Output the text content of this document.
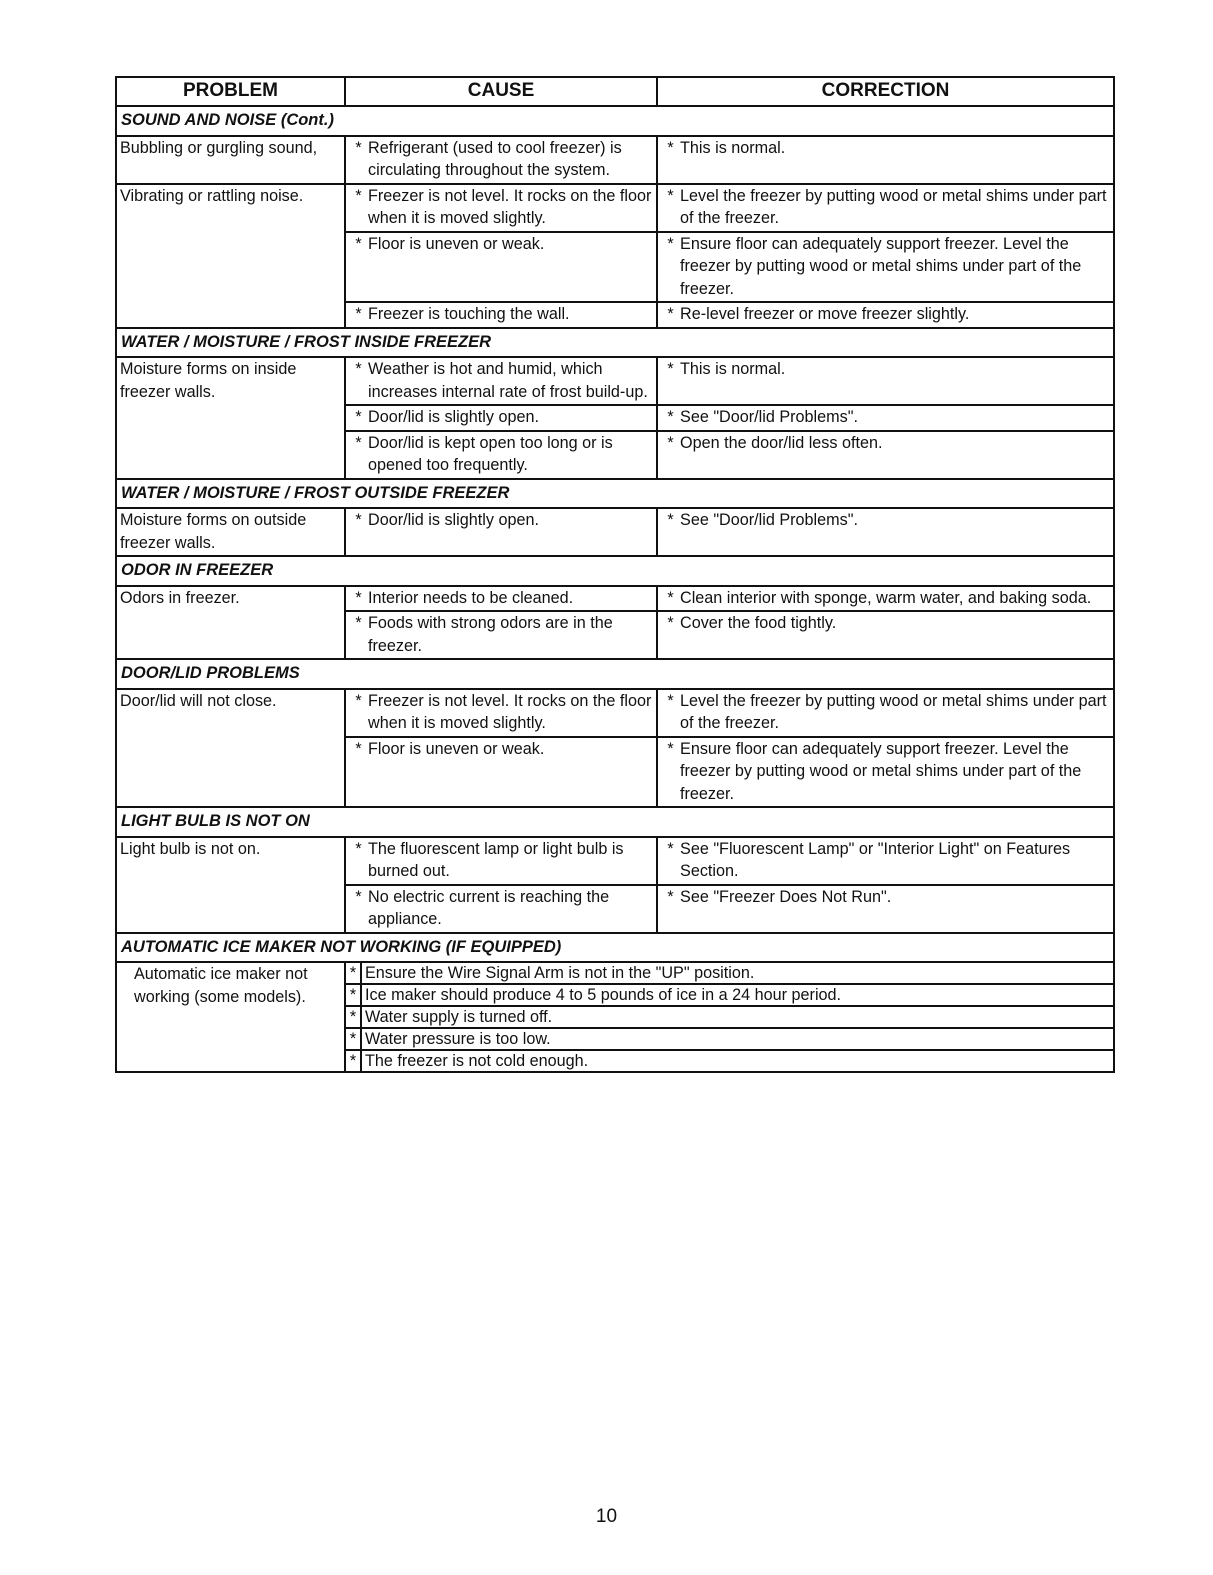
PROBLEM	CAUSE		CORRECTION
SOUND AND NOISE (Cont.)			
Bubbling or gurgling sound,	* Refrigerant (used to cool freezer) is circulating throughout the system.		* This is normal.

Vibrating or rattling noise.	* Freezer is not level. It rocks on the floor when it is moved slightly.		* Level the freezer by putting wood or metal shims under part of the freezer.

	* Floor is uneven or weak.		* Ensure floor can adequately support freezer. Level the freezer by putting wood or metal shims under part of the freezer.

	* Freezer is touching the wall.		* Re-level freezer or move freezer slightly.

WATER / MOISTURE / FROST INSIDE FREEZER			
Moisture forms on inside freezer walls.	* Weather is hot and humid, which increases internal rate of frost build-up.		* This is normal.

	* Door/lid is slightly open.		* See "Door/lid Problems".

	* Door/lid is kept open too long or is opened too frequently.		* Open the door/lid less often.

WATER / MOISTURE / FROST OUTSIDE FREEZER			
Moisture forms on outside freezer walls.	* Door/lid is slightly open.		* See "Door/lid Problems".

ODOR IN FREEZER			
Odors in freezer.	* Interior needs to be cleaned.		* Clean interior with sponge, warm water, and baking soda.

	* Foods with strong odors are in the freezer.		* Cover the food tightly.

DOOR/LID PROBLEMS			
Door/lid will not close.	* Freezer is not level. It rocks on the floor when it is moved slightly.		* Level the freezer by putting wood or metal shims under part of the freezer.

	* Floor is uneven or weak.		* Ensure floor can adequately support freezer. Level the freezer by putting wood or metal shims under part of the freezer.

LIGHT BULB IS NOT ON			
Light bulb is not on.	* The fluorescent lamp or light bulb is burned out.		* See "Fluorescent Lamp" or "Interior Light" on Features Section.

	* No electric current is reaching the appliance.		* See "Freezer Does Not Run".

AUTOMATIC ICE MAKER NOT WORKING (IF EQUIPPED)			
Automatic ice maker not working (some models).	*	Ensure the Wire Signal Arm is not in the "UP" position.	
	*	Ice maker should produce 4 to 5 pounds of ice in a 24 hour period.	
	*	Water supply is turned off.	
	*	Water pressure is too low.	
	*	The freezer is not cold enough.	
10
